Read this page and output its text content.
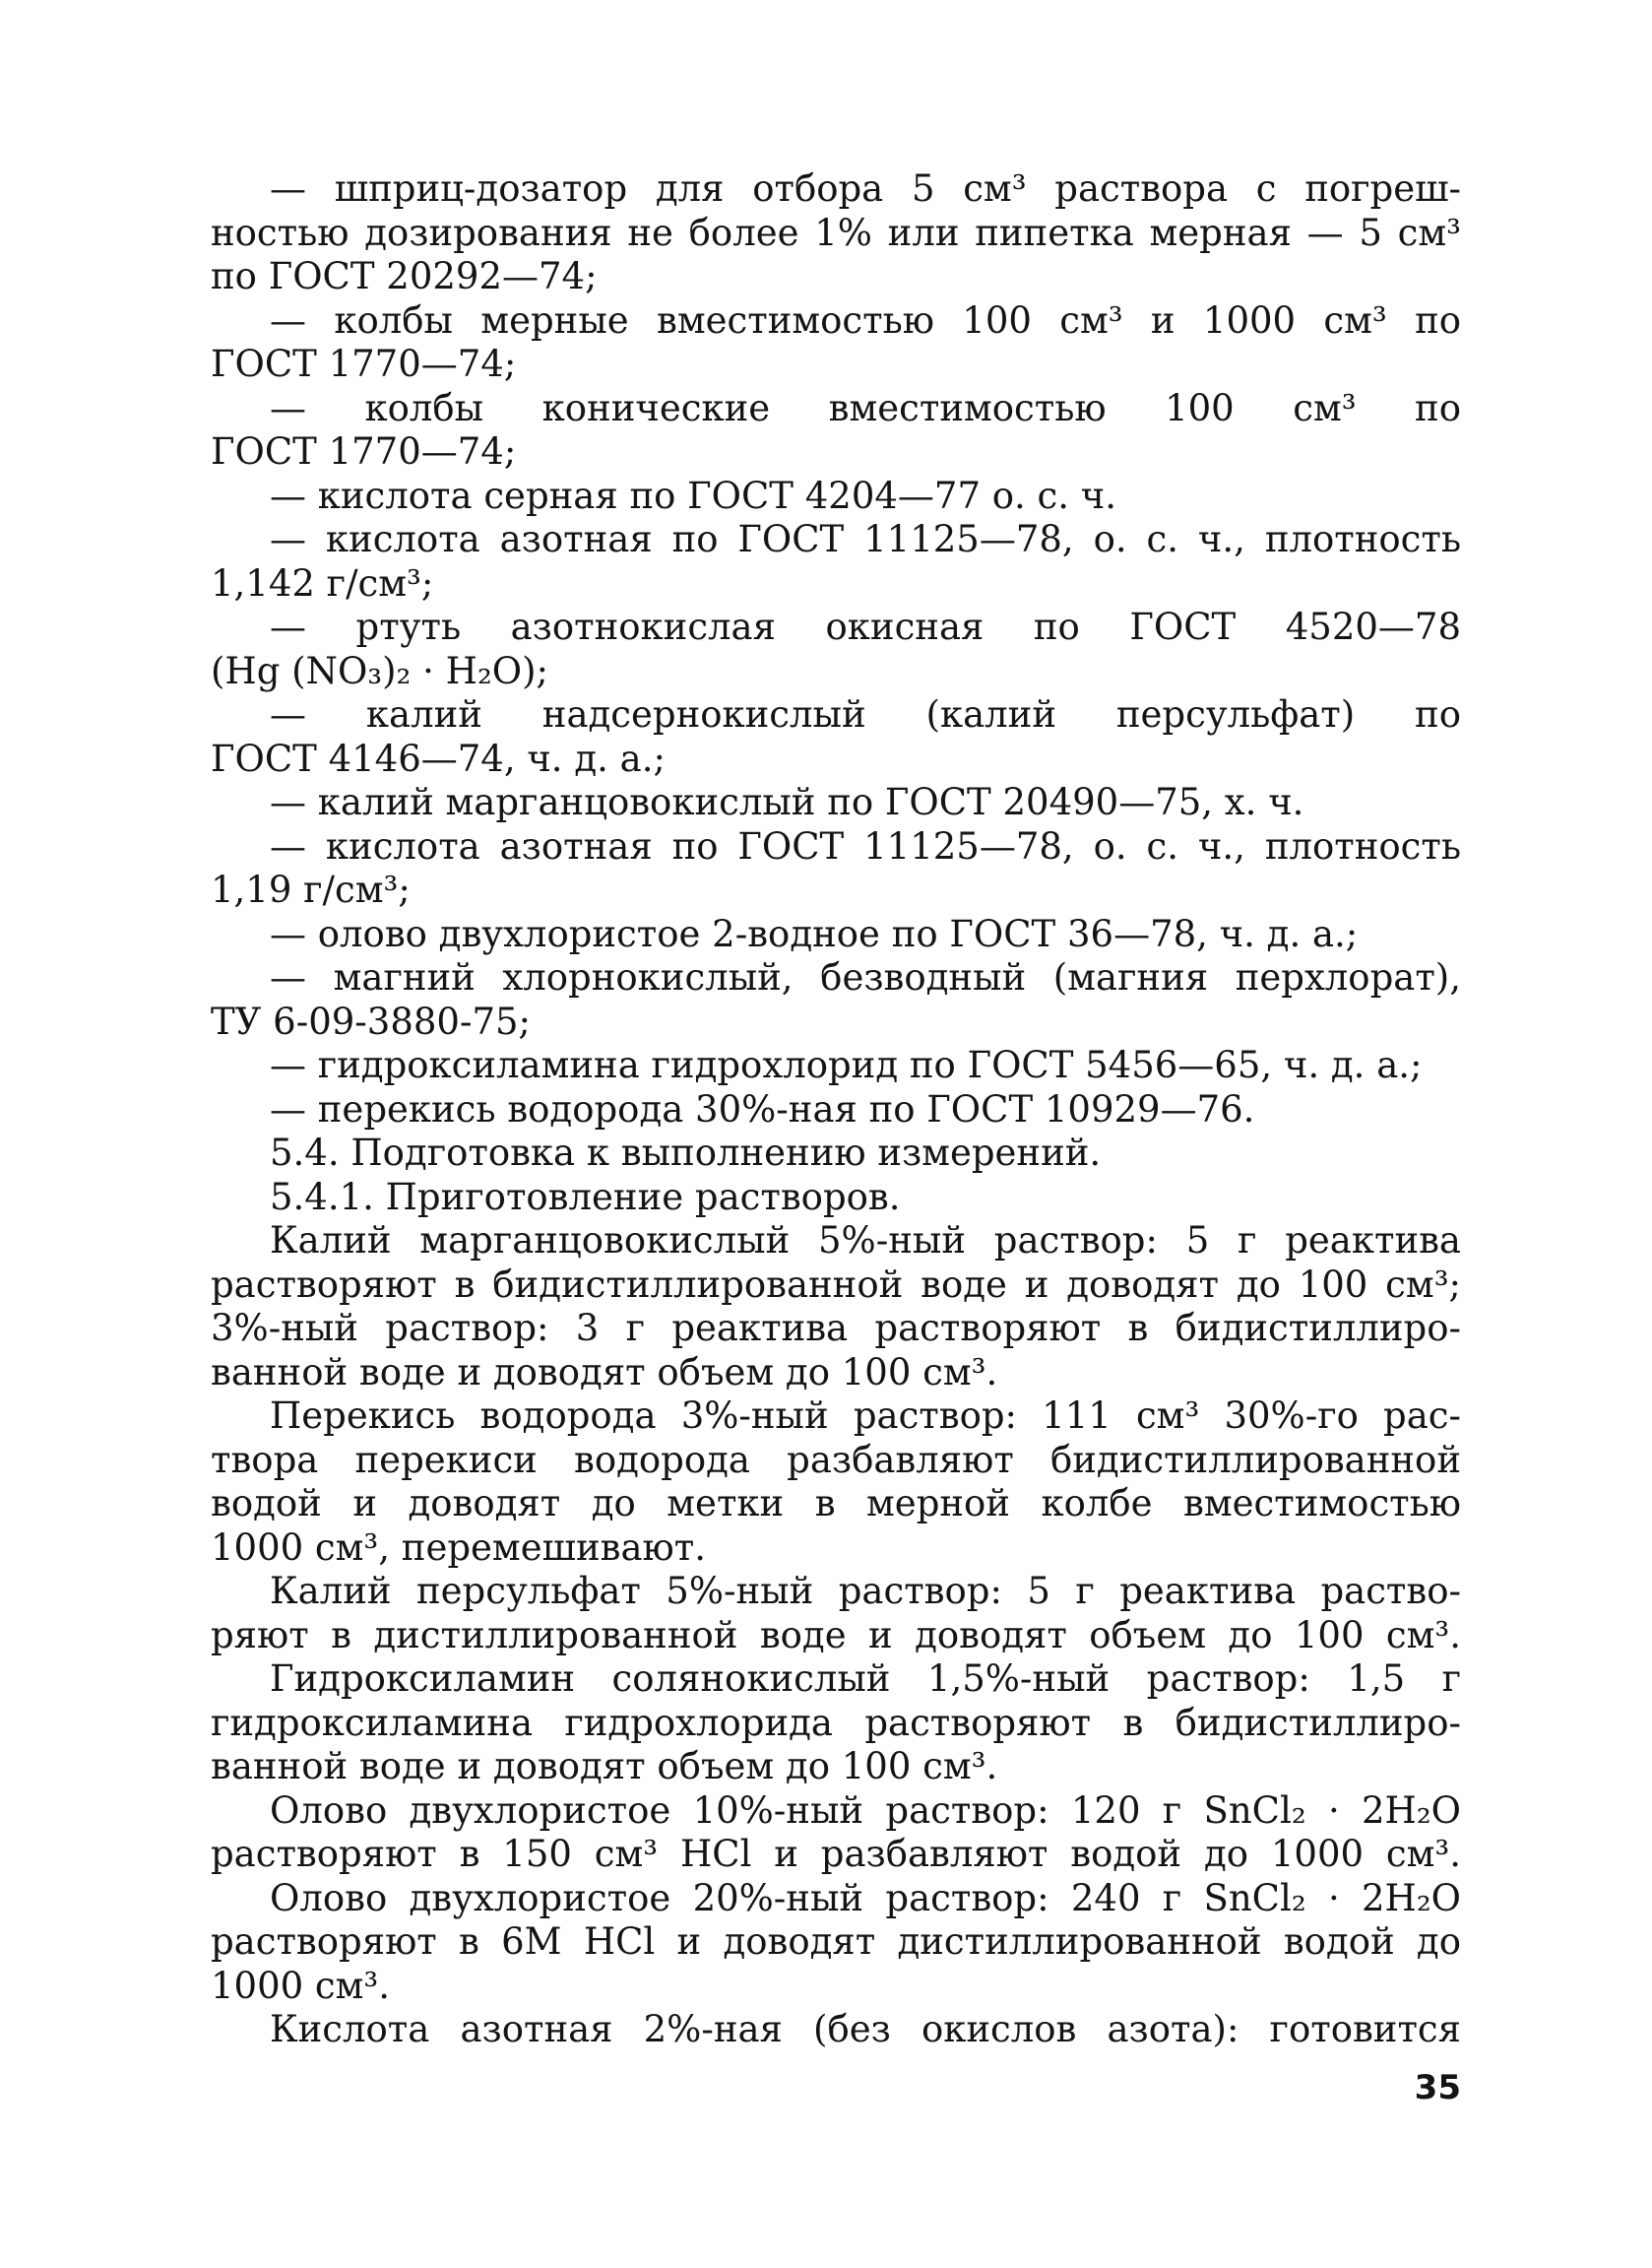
— шприц-дозатор для отбора 5 см³ раствора с погреш-
ностью дозирования не более 1% или пипетка мерная — 5 см³
по ГОСТ 20292—74;
— колбы мерные вместимостью 100 см³ и 1000 см³ по
ГОСТ 1770—74;
— колбы конические вместимостью 100 см³ по
ГОСТ 1770—74;
— кислота серная по ГОСТ 4204—77 о. с. ч.
— кислота азотная по ГОСТ 11125—78, о. с. ч., плотность
1,142 г/см³;
— ртуть азотнокислая окисная по ГОСТ 4520—78
(Hg (NO₃)₂ · H₂O);
— калий надсернокислый (калий персульфат) по
ГОСТ 4146—74, ч. д. а.;
— калий марганцовокислый по ГОСТ 20490—75, х. ч.
— кислота азотная по ГОСТ 11125—78, о. с. ч., плотность
1,19 г/см³;
— олово двухлористое 2-водное по ГОСТ 36—78, ч. д. а.;
— магний хлорнокислый, безводный (магния перхлорат),
ТУ 6-09-3880-75;
— гидроксиламина гидрохлорид по ГОСТ 5456—65, ч. д. а.;
— перекись водорода 30%-ная по ГОСТ 10929—76.
5.4. Подготовка к выполнению измерений.
5.4.1. Приготовление растворов.
Калий марганцовокислый 5%-ный раствор: 5 г реактива
растворяют в бидистиллированной воде и доводят до 100 см³;
3%-ный раствор: 3 г реактива растворяют в бидистиллиро-
ванной воде и доводят объем до 100 см³.
Перекись водорода 3%-ный раствор: 111 см³ 30%-го рас-
твора перекиси водорода разбавляют бидистиллированной
водой и доводят до метки в мерной колбе вместимостью
1000 см³, перемешивают.
Калий персульфат 5%-ный раствор: 5 г реактива раство-
ряют в дистиллированной воде и доводят объем до 100 см³.
Гидроксиламин солянокислый 1,5%-ный раствор: 1,5 г
гидроксиламина гидрохлорида растворяют в бидистиллиро-
ванной воде и доводят объем до 100 см³.
Олово двухлористое 10%-ный раствор: 120 г SnCl₂ · 2H₂O
растворяют в 150 см³ HCl и разбавляют водой до 1000 см³.
Олово двухлористое 20%-ный раствор: 240 г SnCl₂ · 2H₂O
растворяют в 6М HCl и доводят дистиллированной водой до
1000 см³.
Кислота азотная 2%-ная (без окислов азота): готовится
35
